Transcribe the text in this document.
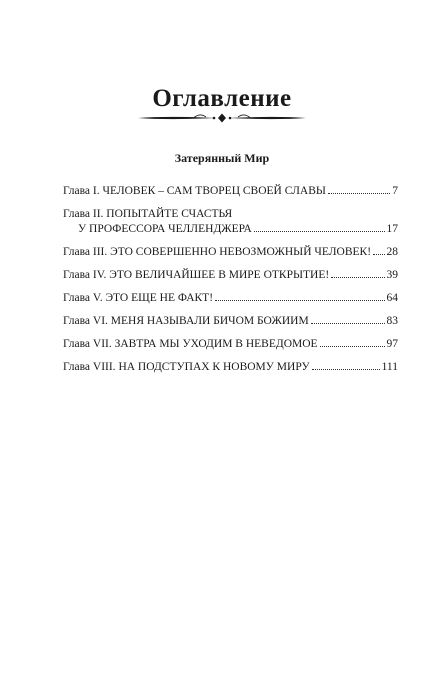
Оглавление
Затерянный Мир
Глава I. ЧЕЛОВЕК – САМ ТВОРЕЦ СВОЕЙ СЛАВЫ	7
Глава II. ПОПЫТАЙТЕ СЧАСТЬЯ
У ПРОФЕССОРА ЧЕЛЛЕНДЖЕРА	17
Глава III. ЭТО СОВЕРШЕННО НЕВОЗМОЖНЫЙ ЧЕЛОВЕК! 28
Глава IV. ЭТО ВЕЛИЧАЙШЕЕ В МИРЕ ОТКРЫТИЕ!	39
Глава V. ЭТО ЕЩЕ НЕ ФАКТ!	64
Глава VI. МЕНЯ НАЗЫВАЛИ БИЧОМ БОЖИИМ	83
Глава VII. ЗАВТРА МЫ УХОДИМ В НЕВЕДОМОЕ	97
Глава VIII. НА ПОДСТУПАХ К НОВОМУ МИРУ	111
